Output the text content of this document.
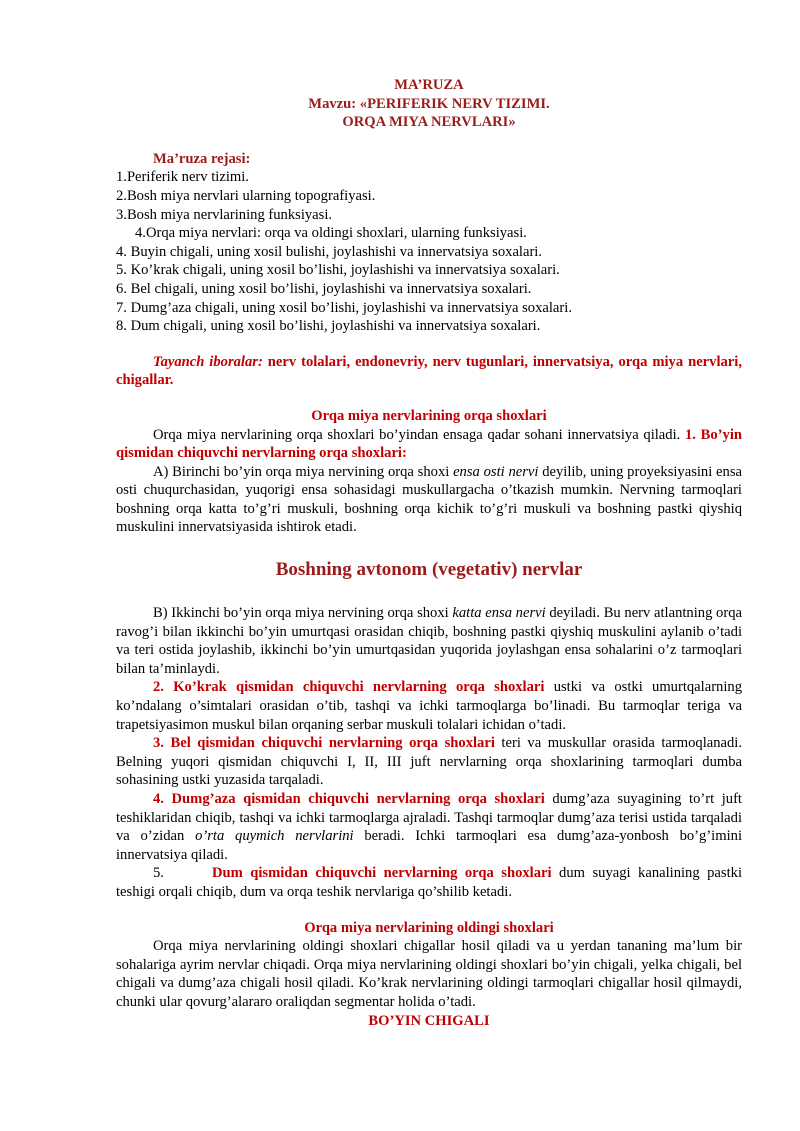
MA’RUZA
Mavzu: «PERIFERIK NERV TIZIMI.
ORQA MIYA NERVLARI»
Ma’ruza rejasi:
1.Periferik nerv tizimi.
2.Bosh miya nervlari ularning topografiyasi.
3.Bosh miya nervlarining funksiyasi.
4.Orqa miya nervlari: orqa va oldingi shoxlari, ularning funksiyasi.
4. Buyin chigali, uning xosil bulishi, joylashishi va innervatsiya soxalari.
5. Ko’krak chigali, uning xosil bo’lishi, joylashishi va innervatsiya soxalari.
6. Bel chigali, uning xosil bo’lishi, joylashishi va innervatsiya soxalari.
7. Dumg’aza chigali, uning xosil bo’lishi, joylashishi va innervatsiya soxalari.
8. Dum chigali, uning xosil bo’lishi, joylashishi va innervatsiya soxalari.
Tayanch iboralar: nerv tolalari, endonevriy, nerv tugunlari, innervatsiya, orqa miya nervlari, chigallar.
Orqa miya nervlarining orqa shoxlari
Orqa miya nervlarining orqa shoxlari bo’yindan ensaga qadar sohani innervatsiya qiladi. 1. Bo’yin qismidan chiquvchi nervlarning orqa shoxlari:
A) Birinchi bo’yin orqa miya nervining orqa shoxi ensa osti nervi deyilib, uning proyeksiyasini ensa osti chuqurchasidan, yuqorigi ensa sohasidagi muskullargacha o’tkazish mumkin. Nervning tarmoqlari boshning orqa katta to’g’ri muskuli, boshning orqa kichik to’g’ri muskuli va boshning pastki qiyshiq muskulini innervatsiyasida ishtirok etadi.
Boshning avtonom (vegetativ) nervlar
B) Ikkinchi bo’yin orqa miya nervining orqa shoxi katta ensa nervi deyiladi. Bu nerv atlantning orqa ravog’i bilan ikkinchi bo’yin umurtqasi orasidan chiqib, boshning pastki qiyshiq muskulini aylanib o’tadi va teri ostida joylashib, ikkinchi bo’yin umurtqasidan yuqorida joylashgan ensa sohalarini o’z tarmoqlari bilan ta’minlaydi.
2. Ko’krak qismidan chiquvchi nervlarning orqa shoxlari ustki va ostki umurtqalarning ko’ndalang o’simtalari orasidan o’tib, tashqi va ichki tarmoqlarga bo’linadi. Bu tarmoqlar teriga va trapetsiyasimon muskul bilan orqaning serbar muskuli tolalari ichidan o’tadi.
3. Bel qismidan chiquvchi nervlarning orqa shoxlari teri va muskullar orasida tarmoqlanadi. Belning yuqori qismidan chiquvchi I, II, III juft nervlarning orqa shoxlarining tarmoqlari dumba sohasining ustki yuzasida tarqaladi.
4. Dumg’aza qismidan chiquvchi nervlarning orqa shoxlari dumg’aza suyagining to’rt juft teshiklaridan chiqib, tashqi va ichki tarmoqlarga ajraladi. Tashqi tarmoqlar dumg’aza terisi ustida tarqaladi va o’zidan o’rta quymich nervlarini beradi. Ichki tarmoqlari esa dumg’aza-yonbosh bo’g’imini innervatsiya qiladi.
5.	Dum qismidan chiquvchi nervlarning orqa shoxlari dum suyagi kanalining pastki teshigi orqali chiqib, dum va orqa teshik nervlariga qo’shilib ketadi.
Orqa miya nervlarining oldingi shoxlari
Orqa miya nervlarining oldingi shoxlari chigallar hosil qiladi va u yerdan tananing ma’lum bir sohalariga ayrim nervlar chiqadi. Orqa miya nervlarining oldingi shoxlari bo’yin chigali, yelka chigali, bel chigali va dumg’aza chigali hosil qiladi. Ko’krak nervlarining oldingi tarmoqlari chigallar hosil qilmaydi, chunki ular qovurg’alararo oraliqdan segmentar holida o’tadi.
BO’YIN CHIGALI
